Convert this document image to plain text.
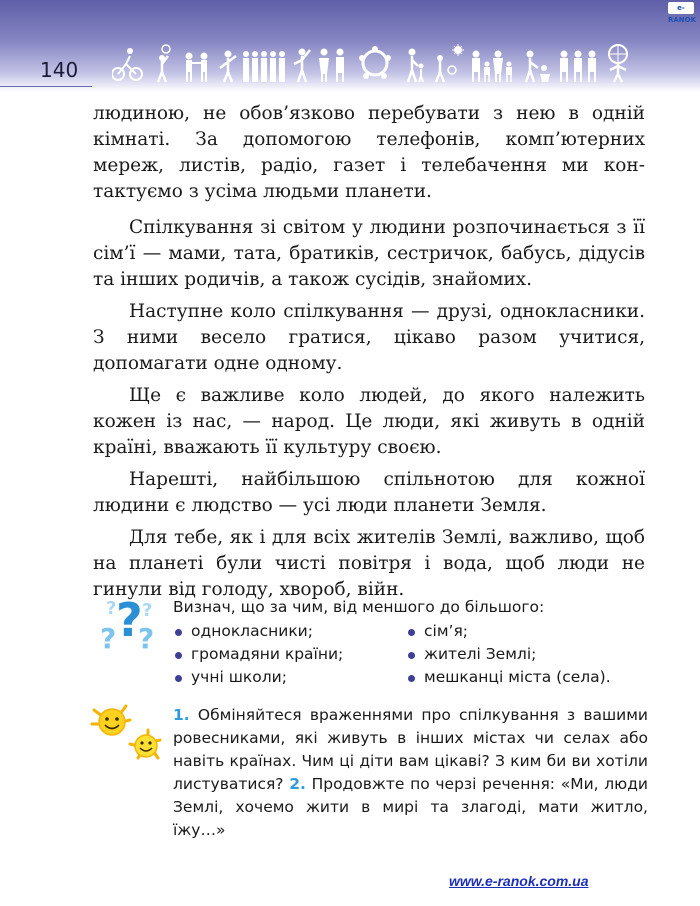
e-RANOK
140

людиною, не обов’язково перебувати з нею в одній кімнаті. За допомогою телефонів, комп’ютерних мереж, листів, радіо, газет і телебачення ми контактуємо з усіма людьми планети.

Спілкування зі світом у людини розпочинається з її сім’ї — мами, тата, братиків, сестричок, бабусь, дідусів та інших родичів, а також сусідів, знайомих.

Наступне коло спілкування — друзі, однокласники. З ними весело гратися, цікаво разом учитися, допомагати одне одному.

Ще є важливе коло людей, до якого належить кожен із нас, — народ. Це люди, які живуть в одній країні, вважають її культуру своєю.

Нарешті, найбільшою спільнотою для кожної людини є людство — усі люди планети Земля.

Для тебе, як і для всіх жителів Землі, важливо, щоб на планеті були чисті повітря і вода, щоб люди не гинули від голоду, хвороб, війн.

?
? ?
? ? Визнач, що за чим, від меншого до більшого:

однокласники;
громадяни країни;
учні школи;
сім’я;
жителі Землі;
мешканці міста (села).

1. Обміняйтеся враженнями про спілкування з вашими ровесниками, які живуть в інших містах чи селах або навіть країнах. Чим ці діти вам цікаві? З ким би ви хотіли листуватися? 2. Продовжте по черзі речення: «Ми, люди Землі, хочемо жити в мирі та злагоді, мати житло, їжу…»

www.e-ranok.com.ua
